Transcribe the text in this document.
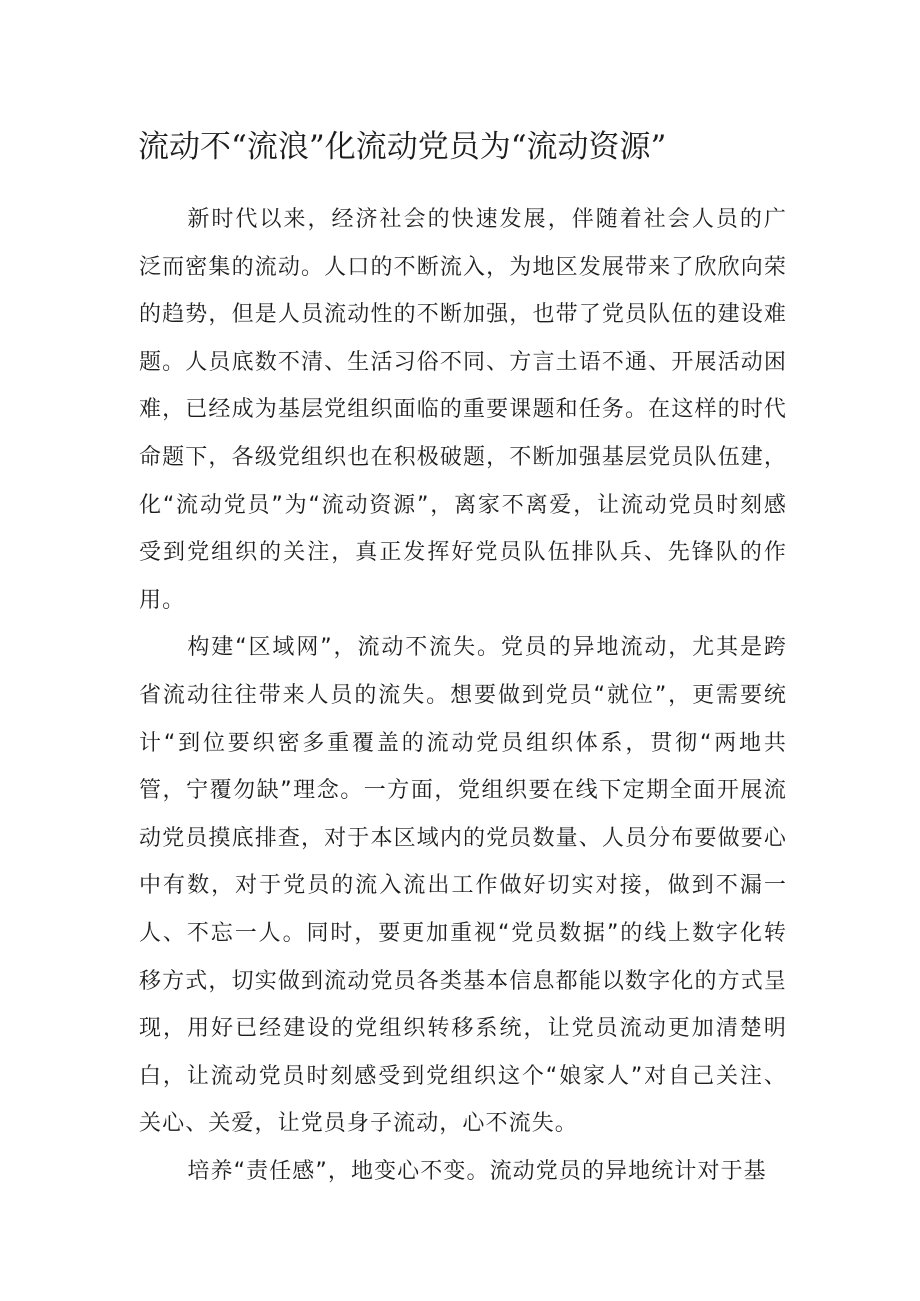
流动不“流浪”化流动党员为“流动资源”

新时代以来，经济社会的快速发展，伴随着社会人员的广泛而密集的流动。人口的不断流入，为地区发展带来了欣欣向荣的趋势，但是人员流动性的不断加强，也带了党员队伍的建设难题。人员底数不清、生活习俗不同、方言土语不通、开展活动困难，已经成为基层党组织面临的重要课题和任务。在这样的时代命题下，各级党组织也在积极破题，不断加强基层党员队伍建，化“流动党员”为“流动资源”，离家不离爱，让流动党员时刻感受到党组织的关注，真正发挥好党员队伍排队兵、先锋队的作用。

构建“区域网”，流动不流失。党员的异地流动，尤其是跨省流动往往带来人员的流失。想要做到党员“就位”，更需要统计“到位要织密多重覆盖的流动党员组织体系，贯彻“两地共管，宁覆勿缺”理念。一方面，党组织要在线下定期全面开展流动党员摸底排查，对于本区域内的党员数量、人员分布要做要心中有数，对于党员的流入流出工作做好切实对接，做到不漏一人、不忘一人。同时，要更加重视“党员数据”的线上数字化转移方式，切实做到流动党员各类基本信息都能以数字化的方式呈现，用好已经建设的党组织转移系统，让党员流动更加清楚明白，让流动党员时刻感受到党组织这个“娘家人”对自己关注、关心、关爱，让党员身子流动，心不流失。

培养“责任感”，地变心不变。流动党员的异地统计对于基
